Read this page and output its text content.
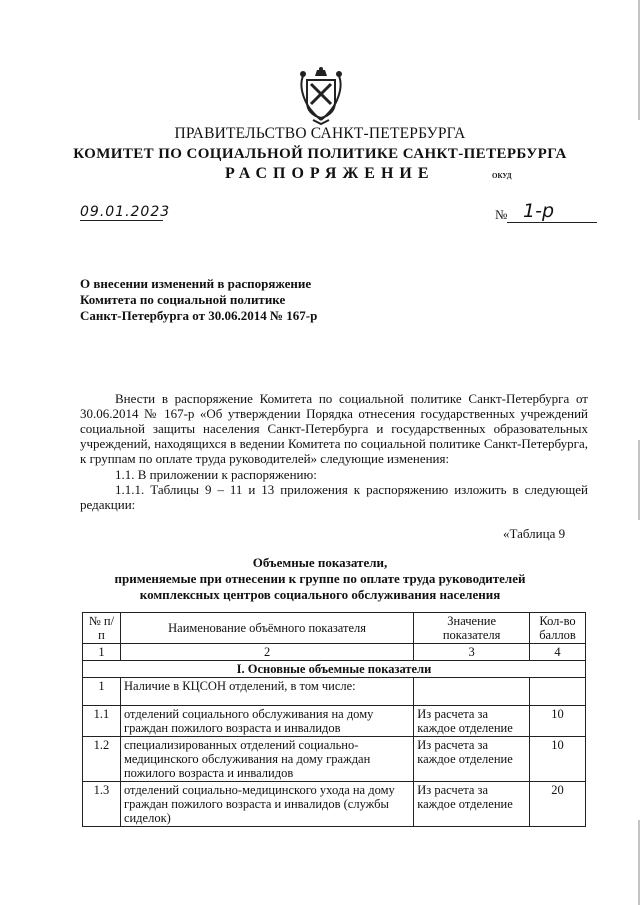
ПРАВИТЕЛЬСТВО САНКТ-ПЕТЕРБУРГА
КОМИТЕТ ПО СОЦИАЛЬНОЙ ПОЛИТИКЕ САНКТ-ПЕТЕРБУРГА
РАСПОРЯЖЕНИЕ	ОКУД
09.01.2023	№ 1-р
О внесении изменений в распоряжение
Комитета по социальной политике
Санкт-Петербурга от 30.06.2014 № 167-р
Внести в распоряжение Комитета по социальной политике Санкт-Петербурга от 30.06.2014 № 167-р «Об утверждении Порядка отнесения государственных учреждений социальной защиты населения Санкт-Петербурга и государственных образовательных учреждений, находящихся в ведении Комитета по социальной политике Санкт-Петербурга, к группам по оплате труда руководителей» следующие изменения:
1.1. В приложении к распоряжению:
1.1.1. Таблицы 9 – 11 и 13 приложения к распоряжению изложить в следующей редакции:
«Таблица 9
Объемные показатели,
применяемые при отнесении к группе по оплате труда руководителей
комплексных центров социального обслуживания населения
№ п/п	Наименование объёмного показателя	Значение показателя	Кол-во баллов
1	2	3	4
I. Основные объемные показатели			
1	Наличие в КЦСОН отделений, в том числе:		
1.1	отделений социального обслуживания на дому граждан пожилого возраста и инвалидов	Из расчета за каждое отделение	10
1.2	специализированных отделений социально-медицинского обслуживания на дому граждан пожилого возраста и инвалидов	Из расчета за каждое отделение	10
1.3	отделений социально-медицинского ухода на дому граждан пожилого возраста и инвалидов (службы сиделок)	Из расчета за каждое отделение	20
